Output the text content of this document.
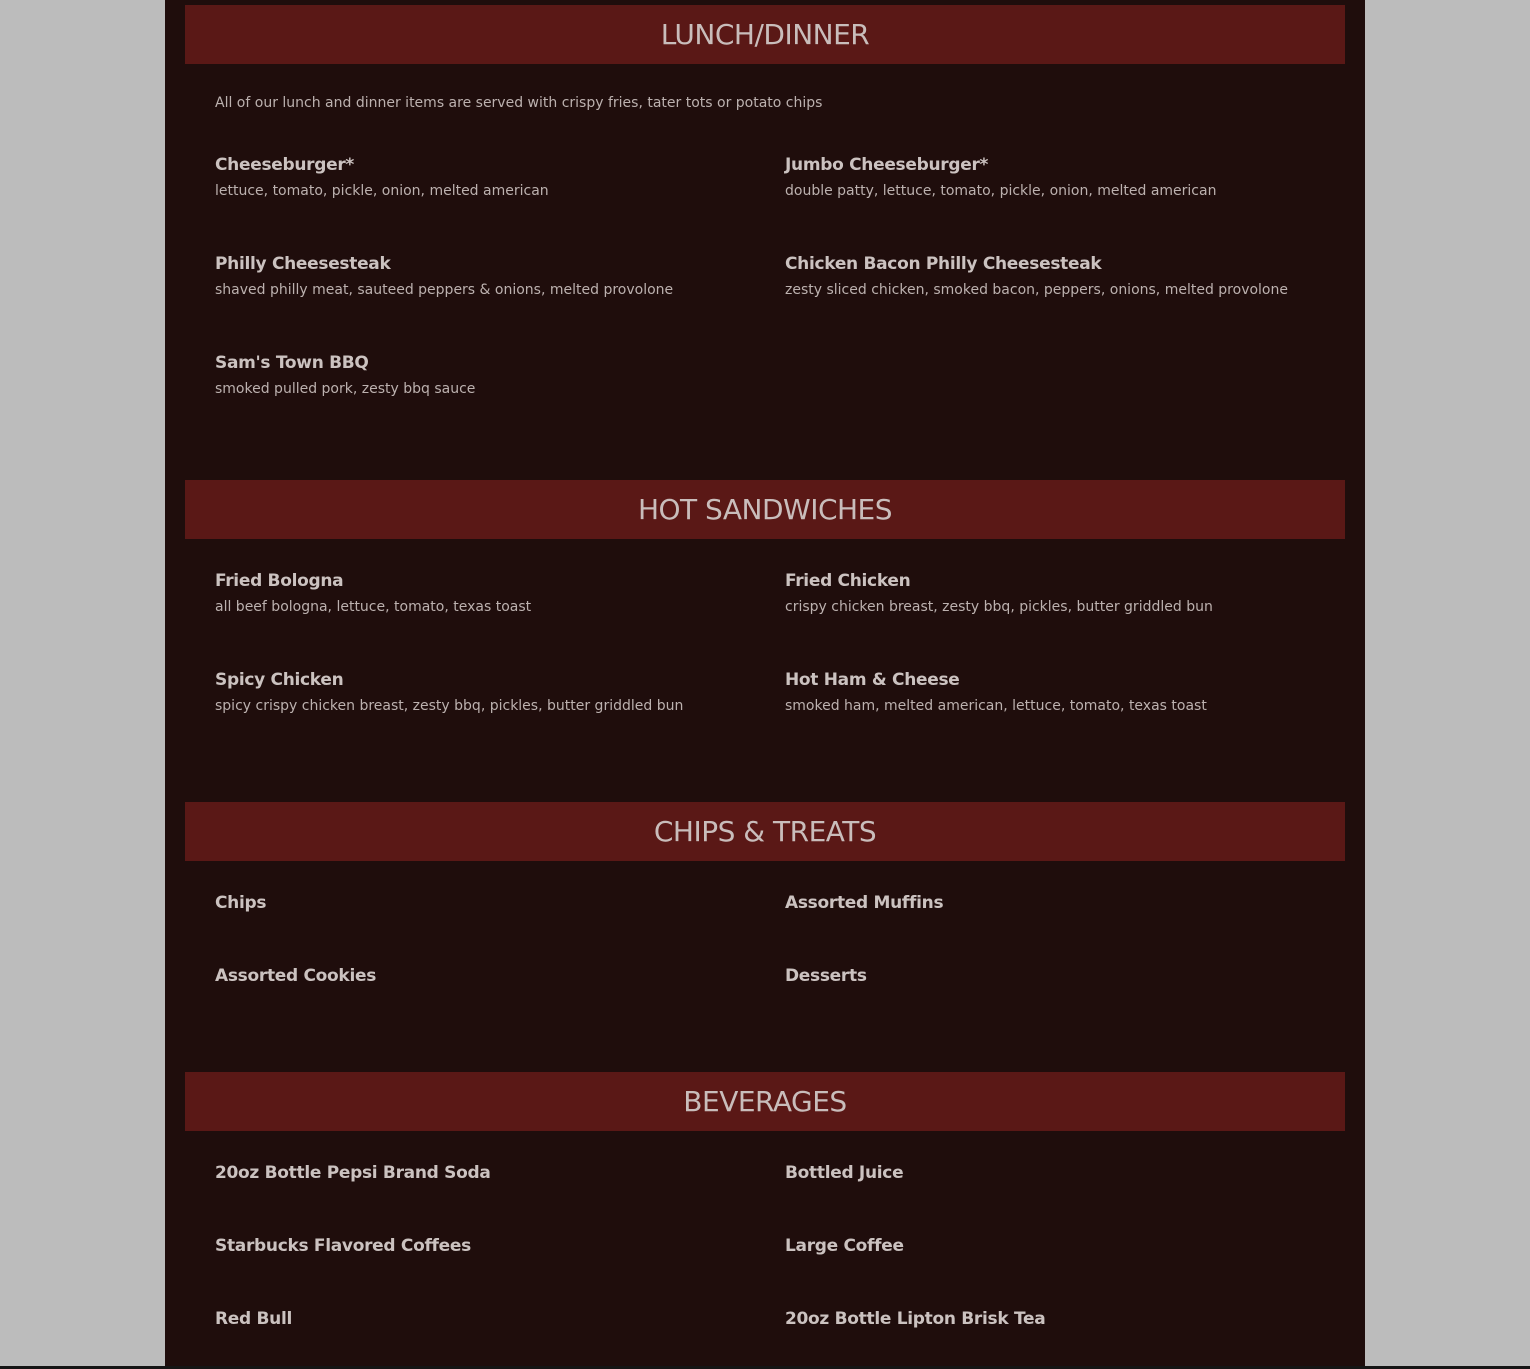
LUNCH/DINNER

All of our lunch and dinner items are served with crispy fries, tater tots or potato chips

Cheeseburger*
lettuce, tomato, pickle, onion, melted american
Jumbo Cheeseburger*
double patty, lettuce, tomato, pickle, onion, melted american
Philly Cheesesteak
shaved philly meat, sauteed peppers & onions, melted provolone
Chicken Bacon Philly Cheesesteak
zesty sliced chicken, smoked bacon, peppers, onions, melted provolone
Sam's Town BBQ
smoked pulled pork, zesty bbq sauce
HOT SANDWICHES
Fried Bologna
all beef bologna, lettuce, tomato, texas toast
Fried Chicken
crispy chicken breast, zesty bbq, pickles, butter griddled bun
Spicy Chicken
spicy crispy chicken breast, zesty bbq, pickles, butter griddled bun
Hot Ham & Cheese
smoked ham, melted american, lettuce, tomato, texas toast
CHIPS & TREATS
Chips	Assorted Muffins
Assorted Cookies	Desserts
BEVERAGES
20oz Bottle Pepsi Brand Soda	Bottled Juice
Starbucks Flavored Coffees	Large Coffee
Red Bull	20oz Bottle Lipton Brisk Tea
